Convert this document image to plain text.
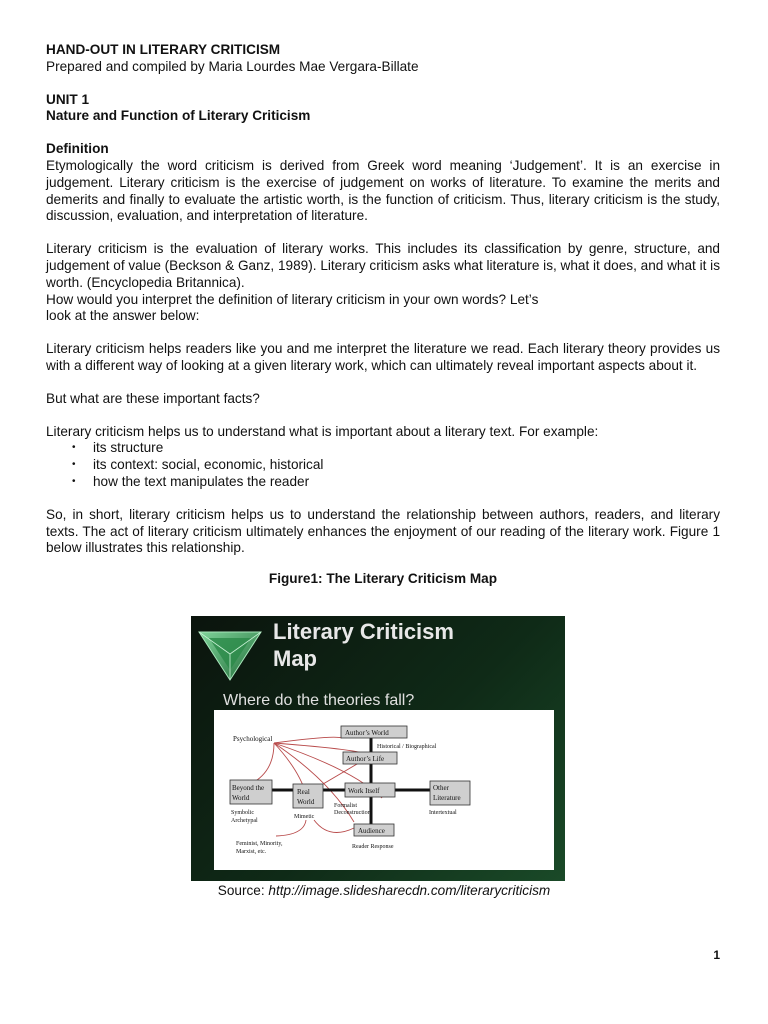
HAND-OUT IN LITERARY CRITICISM

Prepared and compiled by Maria Lourdes Mae Vergara-Billate

UNIT 1

Nature and Function of Literary Criticism

Definition

Etymologically the word criticism is derived from Greek word meaning ‘Judgement’. It is an exercise in judgement. Literary criticism is the exercise of judgement on works of literature. To examine the merits and demerits and finally to evaluate the artistic worth, is the function of criticism. Thus, literary criticism is the study, discussion, evaluation, and interpretation of literature.

Literary criticism is the evaluation of literary works. This includes its classification by genre, structure, and judgement of value (Beckson & Ganz, 1989). Literary criticism asks what literature is, what it does, and what it is worth. (Encyclopedia Britannica).

How would you interpret the definition of literary criticism in your own words? Let’s

look at the answer below:

Literary criticism helps readers like you and me interpret the literature we read. Each literary theory provides us with a different way of looking at a given literary work, which can ultimately reveal important aspects about it.

But what are these important facts?

Literary criticism helps us to understand what is important about a literary text. For example:

• its structure
• its context: social, economic, historical
• how the text manipulates the reader

So, in short, literary criticism helps us to understand the relationship between authors, readers, and literary texts. The act of literary criticism ultimately enhances the enjoyment of our reading of the literary work. Figure 1 below illustrates this relationship.

Figure1: The Literary Criticism Map

Literary Criticism
Map
Where do the theories fall?
Psychological
Author’s World
Historical / Biographical
Author’s Life
Beyond the
World
Real
World
Work Itself	Other
Literature
Symbolic
Archetypal
Mimetic
Formalist
Deconstruction	Intertextual
Audience
Feminist, Minority,
Marxist, etc.
Reader Response
Source: http://image.slidesharecdn.com/literarycriticism
1
